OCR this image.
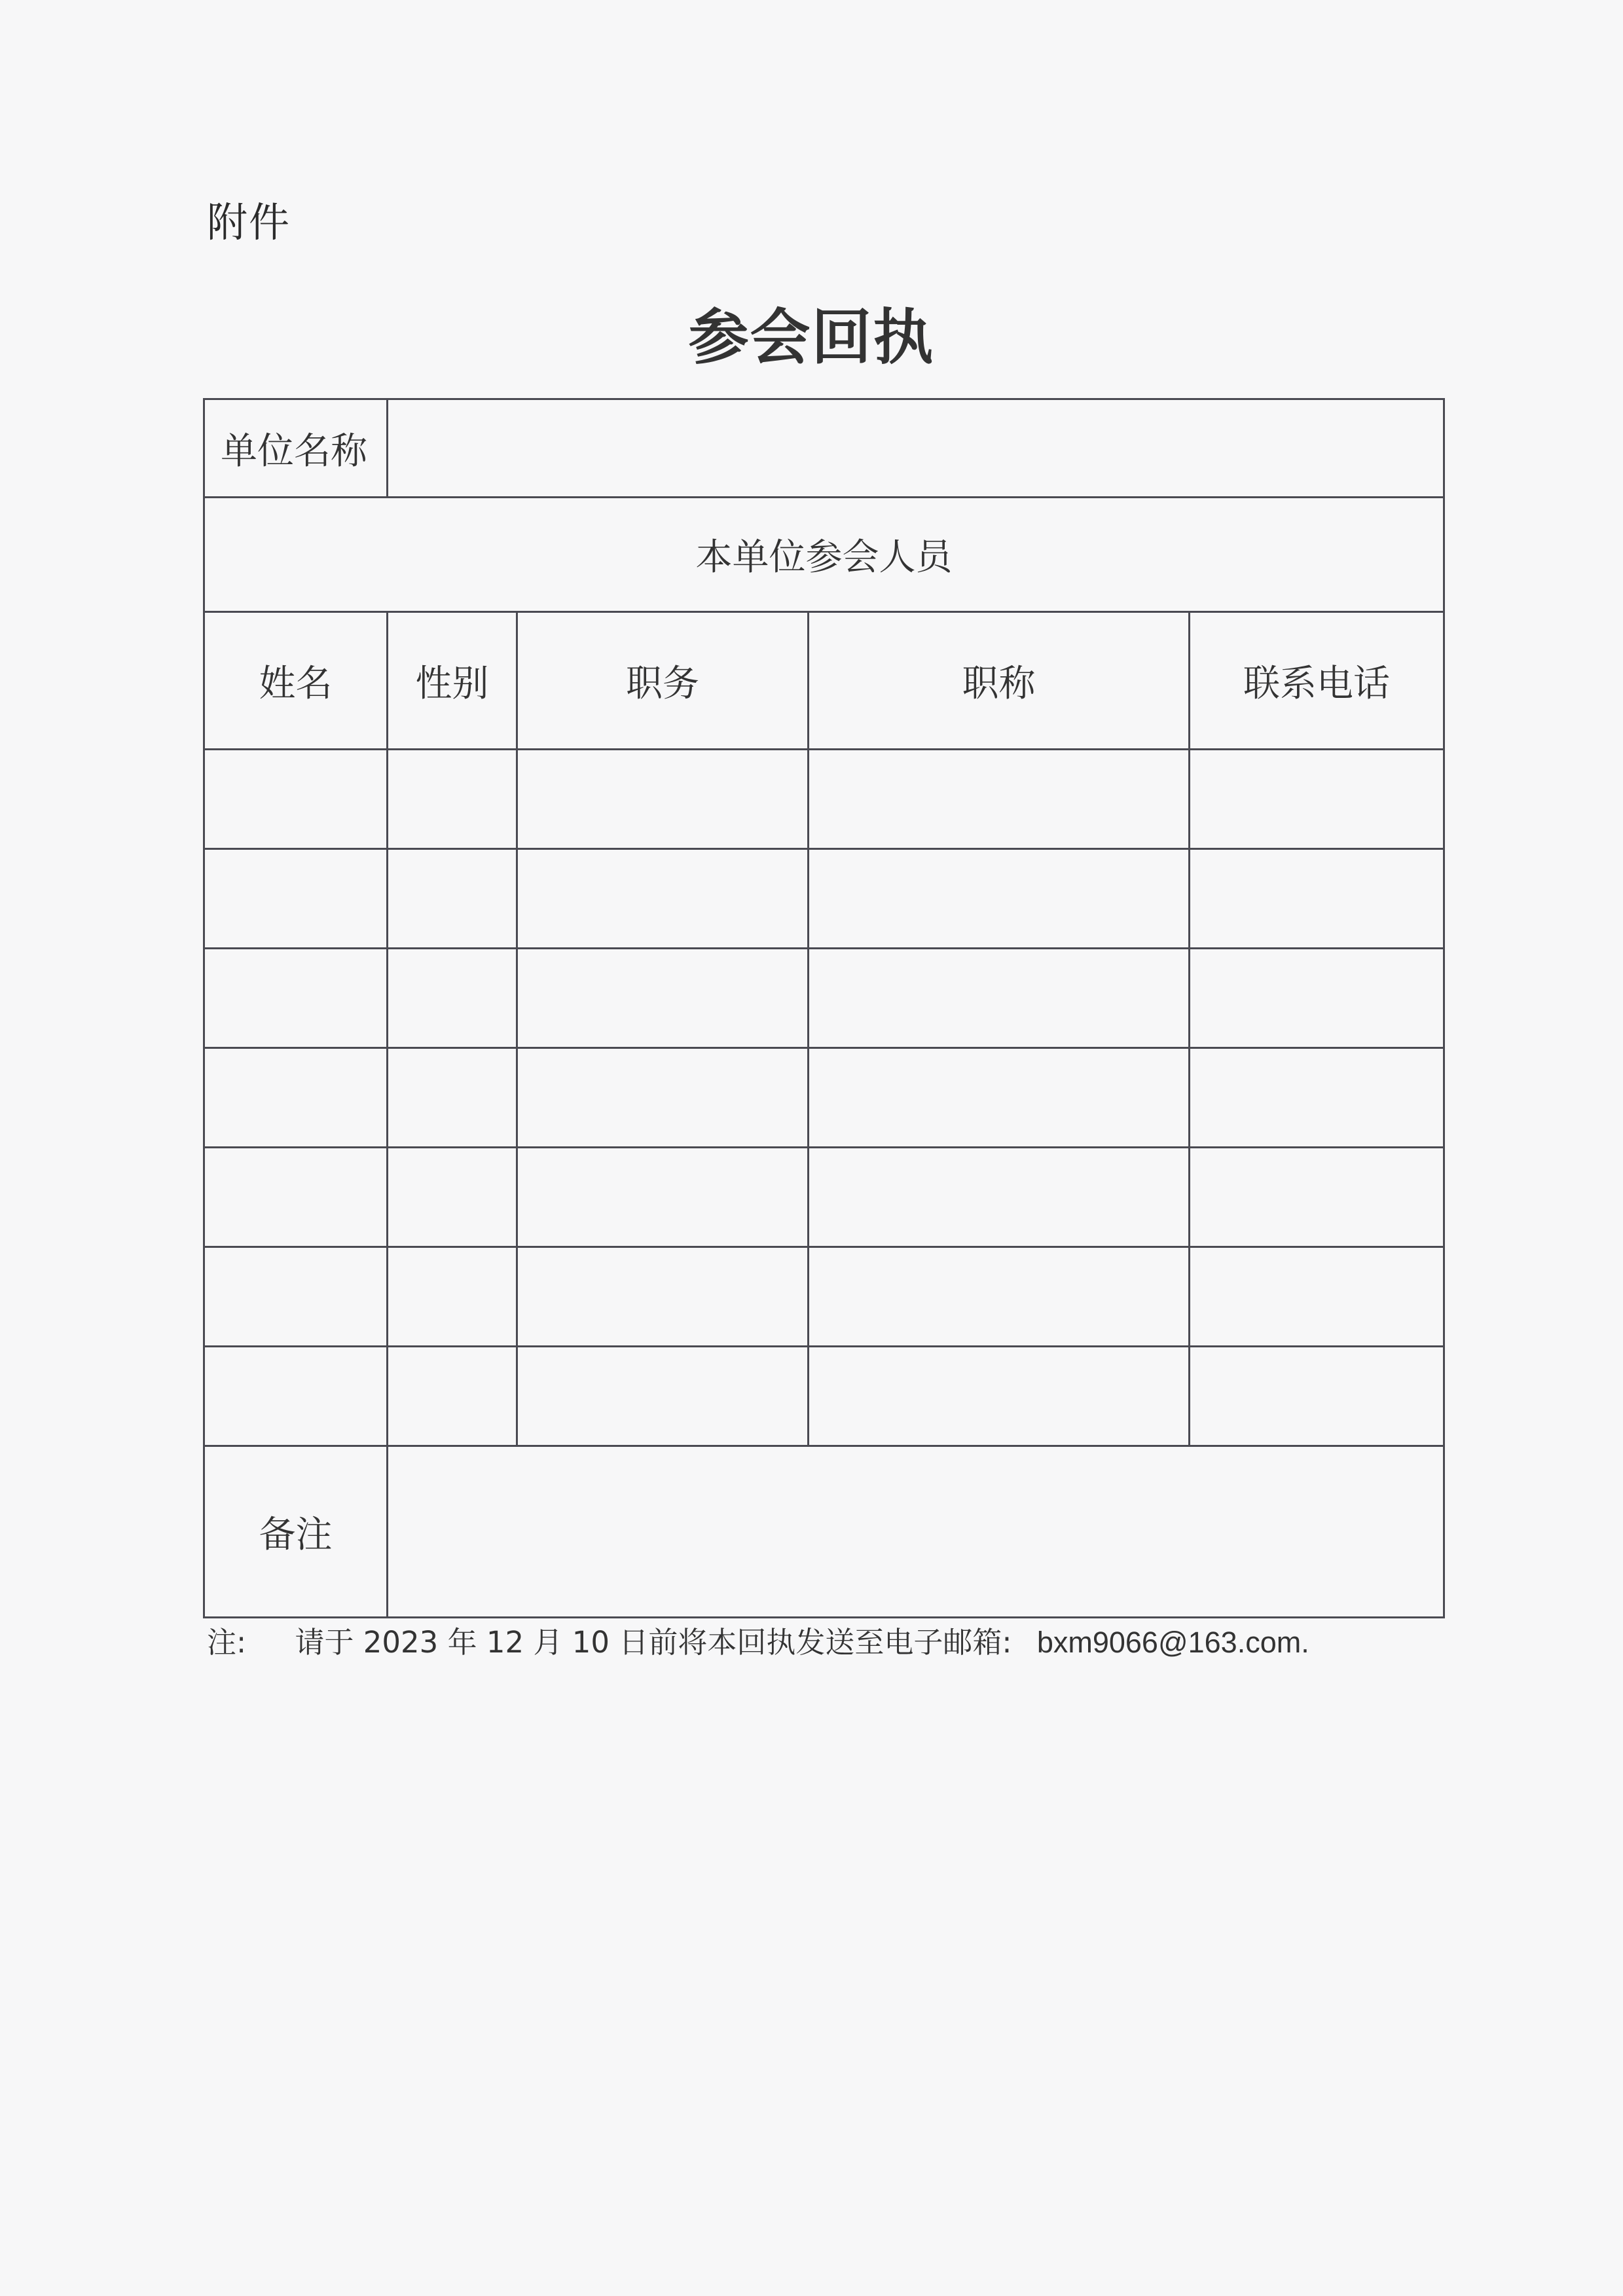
附件
参会回执
单位名称				
本单位参会人员				
姓名	性别	职务	职称	联系电话

备注				
注: 请于 2023 年 12 月 10 日前将本回执发送至电子邮箱: bxm9066@163.com.
